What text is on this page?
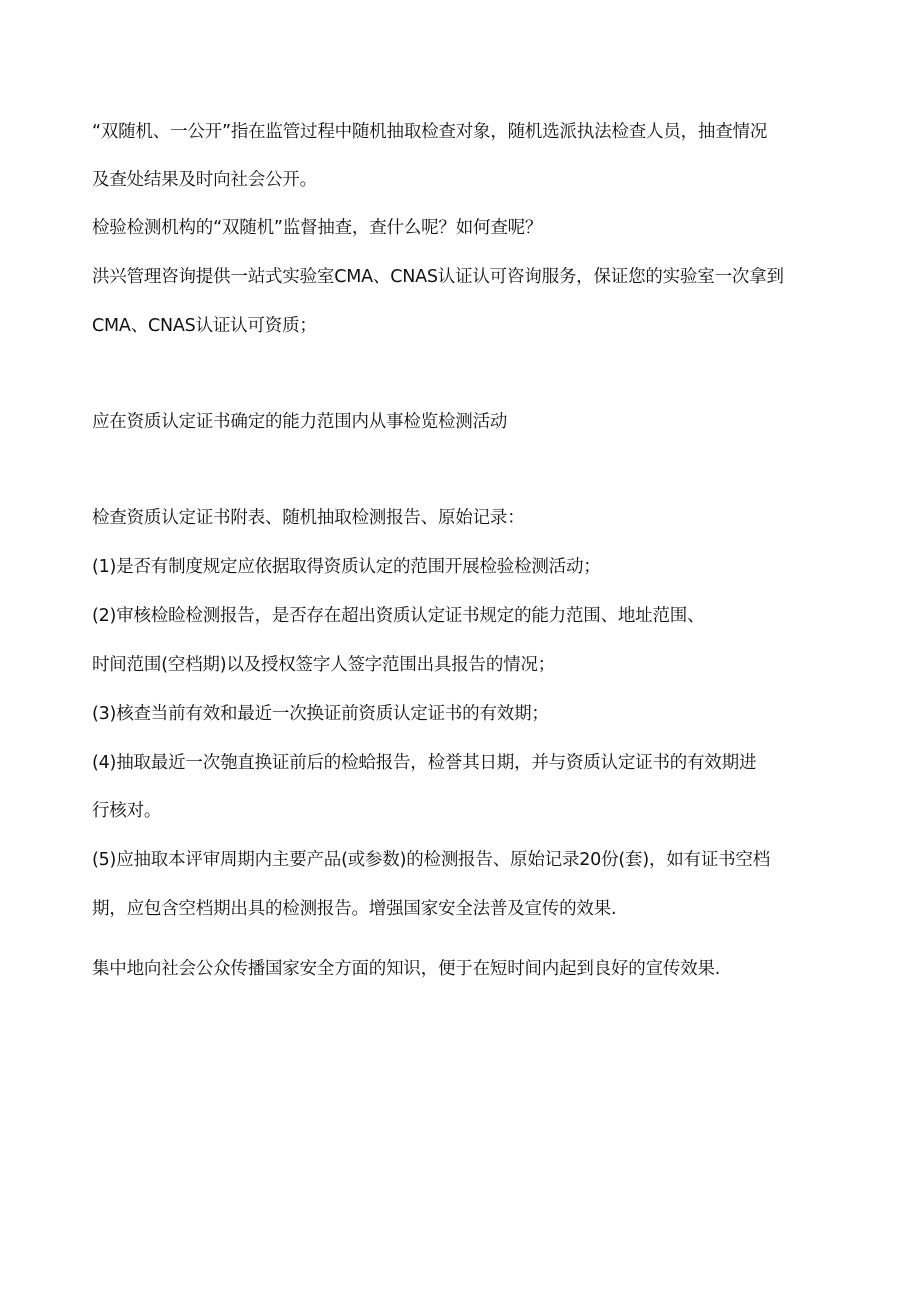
“双随机、一公开”指在监管过程中随机抽取检查对象，随机选派执法检查人员，抽查情况
及查处结果及时向社会公开。
检验检测机构的“双随机”监督抽查，查什么呢？如何查呢？
洪兴管理咨询提供一站式实验室CMA、CNAS认证认可咨询服务，保证您的实验室一次拿到
CMA、CNAS认证认可资质；
应在资质认定证书确定的能力范围内从事检览检测活动
检查资质认定证书附表、随机抽取检测报告、原始记录：
(1)是否有制度规定应依据取得资质认定的范围开展检验检测活动；
(2)审核检睑检测报告，是否存在超出资质认定证书规定的能力范围、地址范围、
时间范围(空档期)以及授权签字人签字范围出具报告的情况；
(3)核查当前有效和最近一次换证前资质认定证书的有效期；
(4)抽取最近一次匏直换证前后的检蛤报告，检誉其日期，并与资质认定证书的有效期进
行核对。
(5)应抽取本评审周期内主要产品(或参数)的检测报告、原始记录20份(套)，如有证书空档
期，应包含空档期出具的检测报告。增强国家安全法普及宣传的效果.
集中地向社会公众传播国家安全方面的知识，便于在短时间内起到良好的宣传效果.
